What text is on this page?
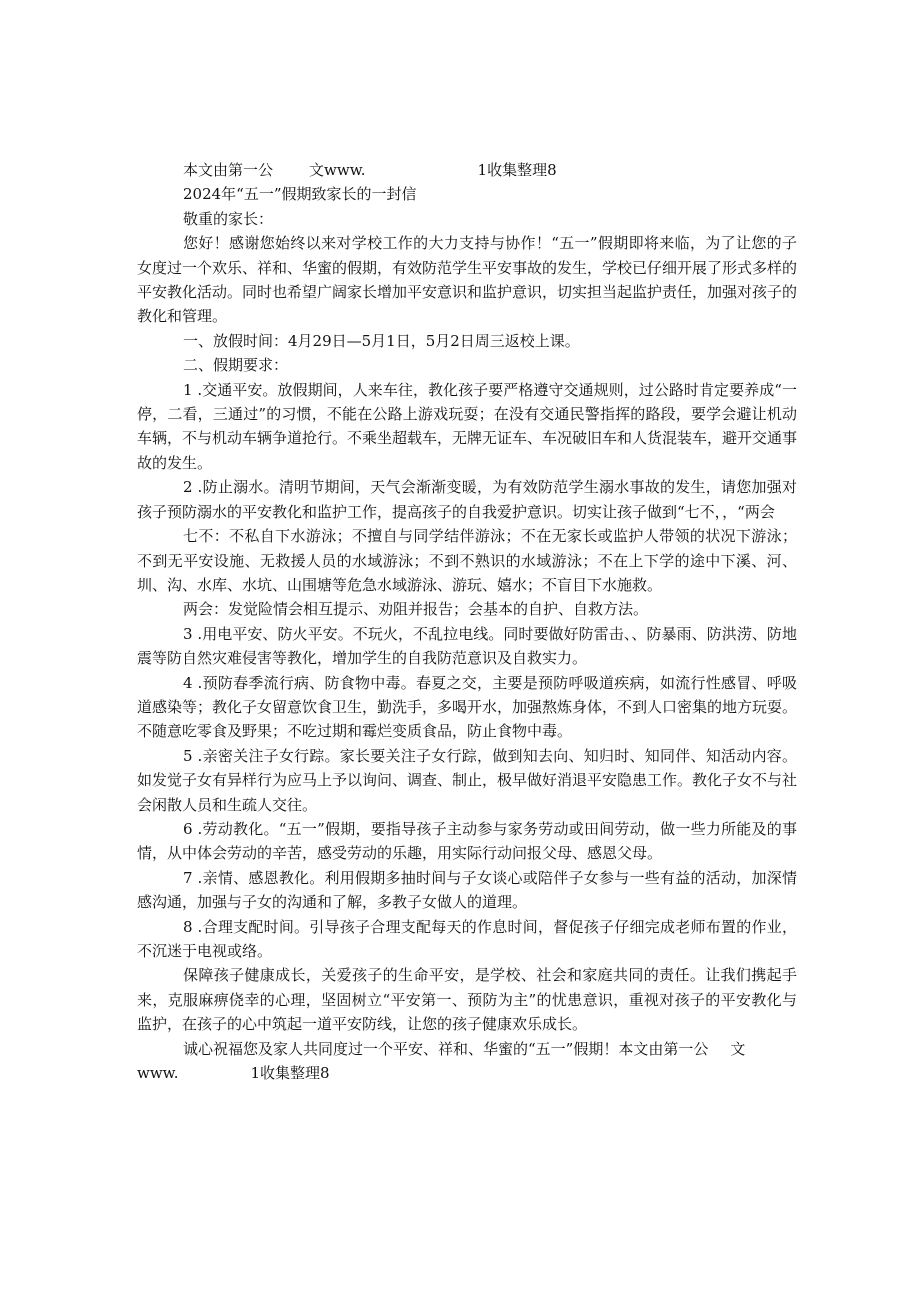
本文由第一公 文www.	1收集整理8

2024年“五一”假期致家长的一封信

敬重的家长：

您好！感谢您始终以来对学校工作的大力支持与协作！“五一”假期即将来临，为了让您的子女度过一个欢乐、祥和、华蜜的假期，有效防范学生平安事故的发生，学校已仔细开展了形式多样的平安教化活动。同时也希望广阔家长增加平安意识和监护意识，切实担当起监护责任，加强对孩子的教化和管理。

一、放假时间：4月29日—5月1日，5月2日周三返校上课。

二、假期要求：

1 .交通平安。放假期间，人来车往，教化孩子要严格遵守交通规则，过公路时肯定要养成“一停，二看，三通过”的习惯，不能在公路上游戏玩耍；在没有交通民警指挥的路段，要学会避让机动车辆，不与机动车辆争道抢行。不乘坐超载车，无牌无证车、车况破旧车和人货混装车，避开交通事故的发生。

2 .防止溺水。清明节期间，天气会渐渐变暖，为有效防范学生溺水事故的发生，请您加强对孩子预防溺水的平安教化和监护工作，提高孩子的自我爱护意识。切实让孩子做到“七不，，“两会

七不：不私自下水游泳；不擅自与同学结伴游泳；不在无家长或监护人带领的状况下游泳；不到无平安设施、无救援人员的水域游泳；不到不熟识的水域游泳；不在上下学的途中下溪、河、圳、沟、水库、水坑、山围塘等危急水域游泳、游玩、嬉水；不盲目下水施救。

两会：发觉险情会相互提示、劝阻并报告；会基本的自护、自救方法。

3 .用电平安、防火平安。不玩火，不乱拉电线。同时要做好防雷击、、防暴雨、防洪涝、防地震等防自然灾难侵害等教化，增加学生的自我防范意识及自救实力。

4 .预防春季流行病、防食物中毒。春夏之交，主要是预防呼吸道疾病，如流行性感冒、呼吸道感染等；教化子女留意饮食卫生，勤洗手，多喝开水，加强熬炼身体，不到人口密集的地方玩耍。不随意吃零食及野果；不吃过期和霉烂变质食品，防止食物中毒。

5 .亲密关注子女行踪。家长要关注子女行踪，做到知去向、知归时、知同伴、知活动内容。如发觉子女有异样行为应马上予以询问、调查、制止，极早做好消退平安隐患工作。教化子女不与社会闲散人员和生疏人交往。

6 .劳动教化。“五一”假期，要指导孩子主动参与家务劳动或田间劳动，做一些力所能及的事情，从中体会劳动的辛苦，感受劳动的乐趣，用实际行动问报父母、感恩父母。

7 .亲情、感恩教化。利用假期多抽时间与子女谈心或陪伴子女参与一些有益的活动，加深情感沟通，加强与子女的沟通和了解，多教子女做人的道理。

8 .合理支配时间。引导孩子合理支配每天的作息时间，督促孩子仔细完成老师布置的作业，不沉迷于电视或络。

保障孩子健康成长，关爱孩子的生命平安，是学校、社会和家庭共同的责任。让我们携起手来，克服麻痹侥幸的心理，坚固树立“平安第一、预防为主”的忧患意识，重视对孩子的平安教化与监护，在孩子的心中筑起一道平安防线，让您的孩子健康欢乐成长。

诚心祝福您及家人共同度过一个平安、祥和、华蜜的“五一”假期！本文由第一公 文

www.	1收集整理8
